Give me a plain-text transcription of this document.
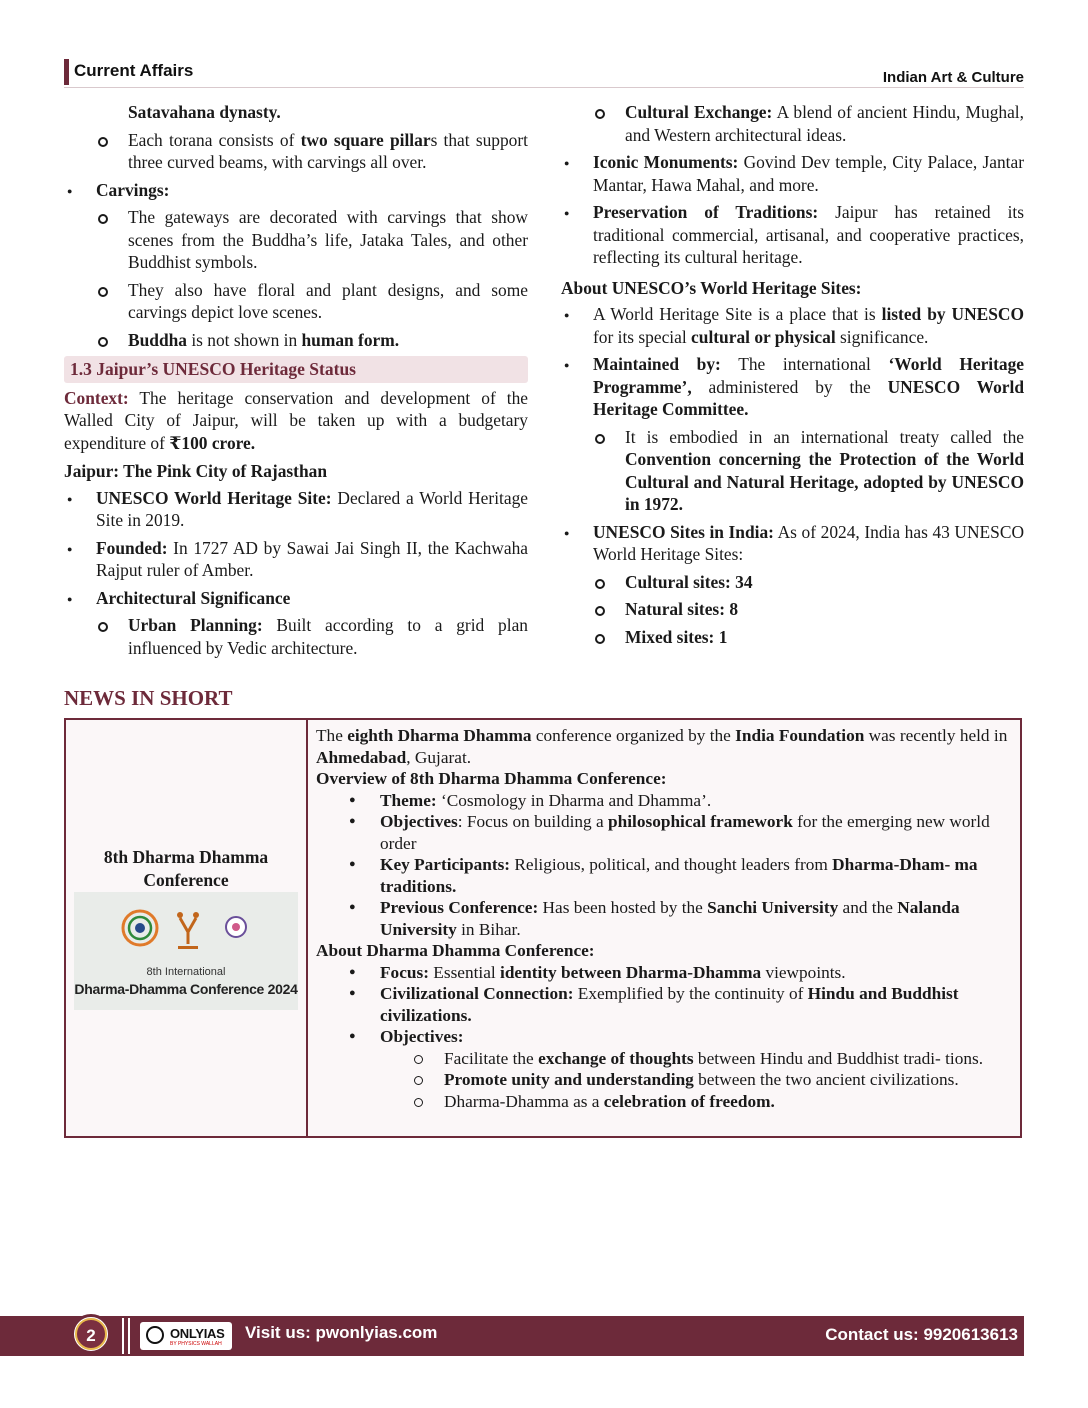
Current Affairs	Indian Art & Culture

Satavahana dynasty.

Each torana consists of two square pillars that support three curved beams, with carvings all over.
● Carvings:
The gateways are decorated with carvings that show scenes from the Buddha’s life, Jataka Tales, and other Buddhist symbols.
They also have floral and plant designs, and some carvings depict love scenes.
Buddha is not shown in human form.
1.3 Jaipur’s UNESCO Heritage Status

Context: The heritage conservation and development of the Walled City of Jaipur, will be taken up with a budgetary expenditure of ₹100 crore.

Jaipur: The Pink City of Rajasthan
● UNESCO World Heritage Site: Declared a World Heritage Site in 2019.
● Founded: In 1727 AD by Sawai Jai Singh II, the Kachwaha Rajput ruler of Amber.
● Architectural Significance
Urban Planning: Built according to a grid plan influenced by Vedic architecture.
Cultural Exchange: A blend of ancient Hindu, Mughal, and Western architectural ideas.
● Iconic Monuments: Govind Dev temple, City Palace, Jantar Mantar, Hawa Mahal, and more.
● Preservation of Traditions: Jaipur has retained its traditional commercial, artisanal, and cooperative practices, reflecting its cultural heritage.
About UNESCO’s World Heritage Sites:
● A World Heritage Site is a place that is listed by UNESCO for its special cultural or physical significance.
● Maintained by: The international ‘World Heritage Programme’, administered by the UNESCO World Heritage Committee.
It is embodied in an international treaty called the Convention concerning the Protection of the World Cultural and Natural Heritage, adopted by UNESCO in 1972.
● UNESCO Sites in India: As of 2024, India has 43 UNESCO World Heritage Sites:
Cultural sites: 34
Natural sites: 8
Mixed sites: 1
NEWS IN SHORT
8th Dharma Dhamma Conference
8th International
Dharma-Dhamma Conference 2024

The eighth Dharma Dhamma conference organized by the India Foundation was recently held in Ahmedabad, Gujarat.

Overview of 8th Dharma Dhamma Conference:

● Theme: ‘Cosmology in Dharma and Dhamma’.
● Objectives: Focus on building a philosophical framework for the emerging new world order
● Key Participants: Religious, political, and thought leaders from Dharma-Dham- ma traditions.
● Previous Conference: Has been hosted by the Sanchi University and the Nalanda University in Bihar.

About Dharma Dhamma Conference:

● Focus: Essential identity between Dharma-Dhamma viewpoints.
● Civilizational Connection: Exemplified by the continuity of Hindu and Buddhist civilizations.
● Objectives:
Facilitate the exchange of thoughts between Hindu and Buddhist tradi- tions.
Promote unity and understanding between the two ancient civilizations.
Dharma-Dhamma as a celebration of freedom.
2	ONLYIAS
BY PHYSICS WALLAH
Visit us: pwonlyias.com	Contact us: 9920613613
